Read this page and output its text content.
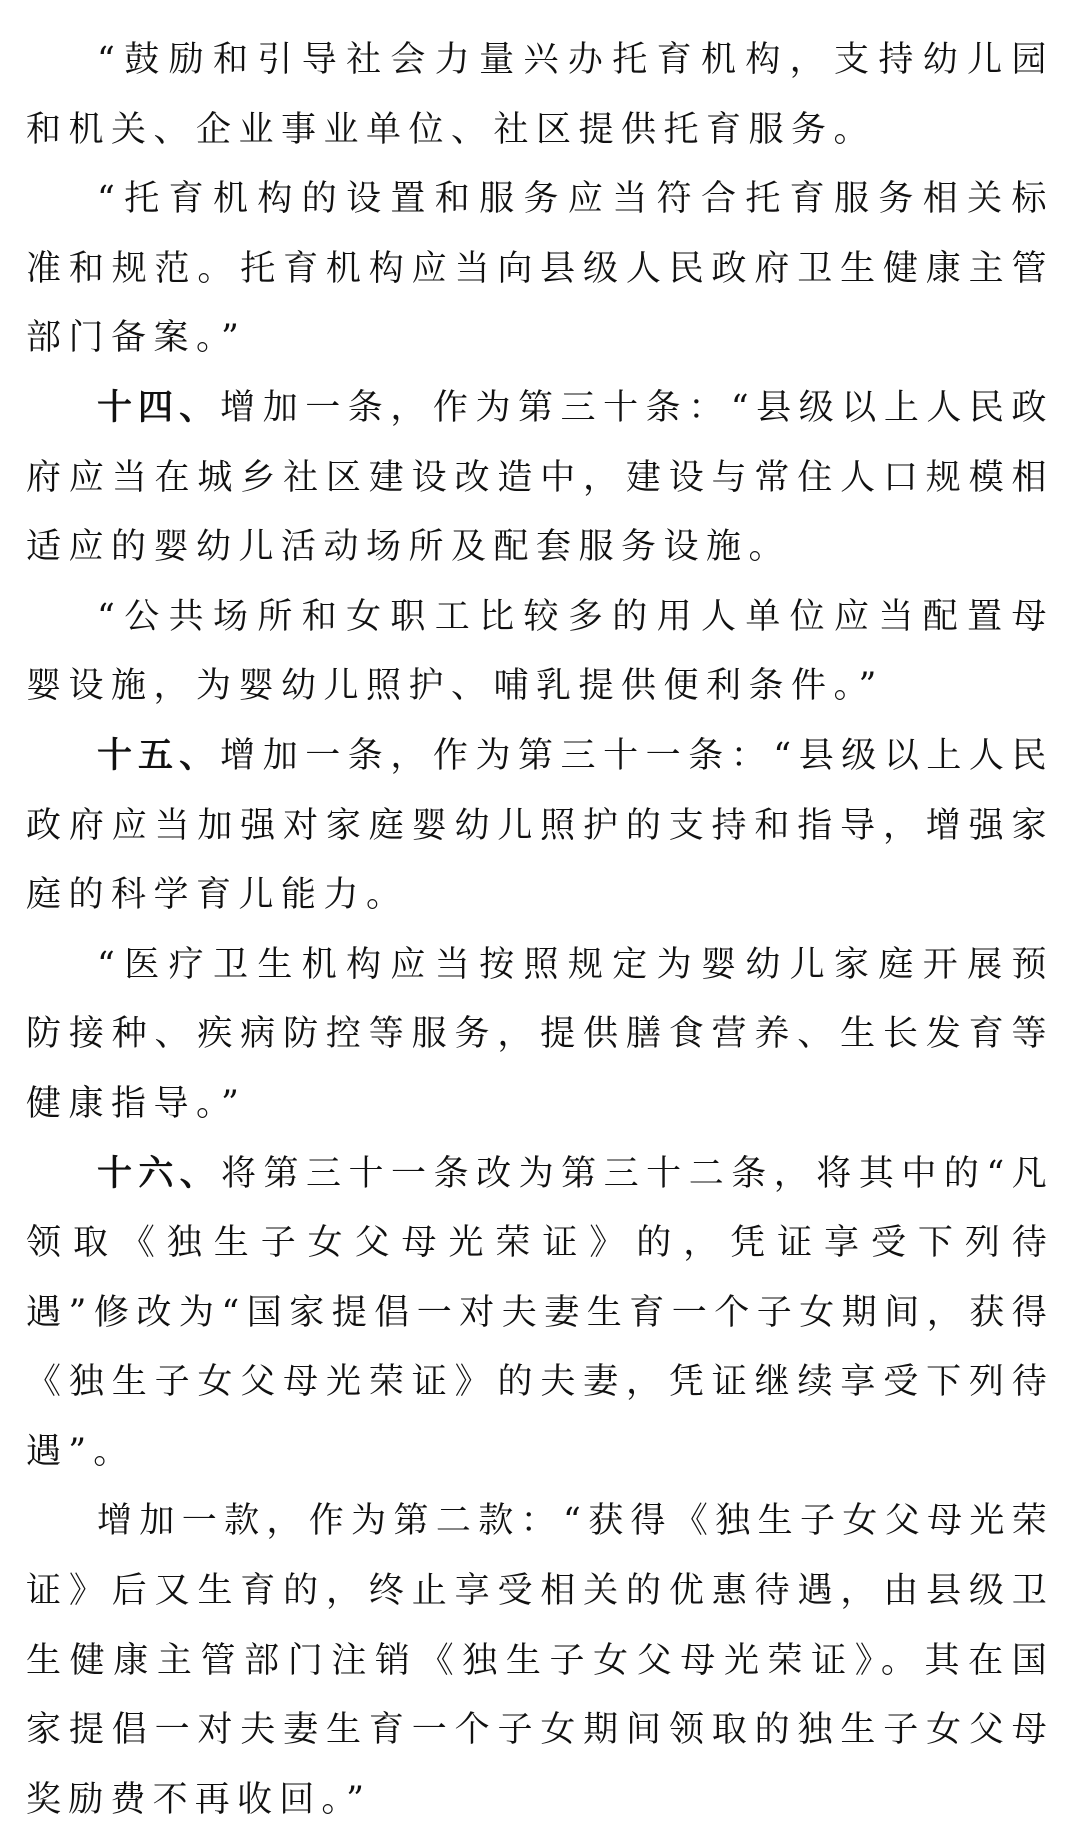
“鼓励和引导社会力量兴办托育机构，支持幼儿园和机关、企业事业单位、社区提供托育服务。

“托育机构的设置和服务应当符合托育服务相关标准和规范。托育机构应当向县级人民政府卫生健康主管部门备案。”

十四、增加一条，作为第三十条：“县级以上人民政府应当在城乡社区建设改造中，建设与常住人口规模相适应的婴幼儿活动场所及配套服务设施。

“公共场所和女职工比较多的用人单位应当配置母婴设施，为婴幼儿照护、哺乳提供便利条件。”

十五、增加一条，作为第三十一条：“县级以上人民政府应当加强对家庭婴幼儿照护的支持和指导，增强家庭的科学育儿能力。

“医疗卫生机构应当按照规定为婴幼儿家庭开展预防接种、疾病防控等服务，提供膳食营养、生长发育等健康指导。”

十六、将第三十一条改为第三十二条，将其中的“凡领取《独生子女父母光荣证》的，凭证享受下列待遇”修改为“国家提倡一对夫妻生育一个子女期间，获得《独生子女父母光荣证》的夫妻，凭证继续享受下列待遇”。

增加一款，作为第二款：“获得《独生子女父母光荣证》后又生育的，终止享受相关的优惠待遇，由县级卫生健康主管部门注销《独生子女父母光荣证》。其在国家提倡一对夫妻生育一个子女期间领取的独生子女父母奖励费不再收回。”
